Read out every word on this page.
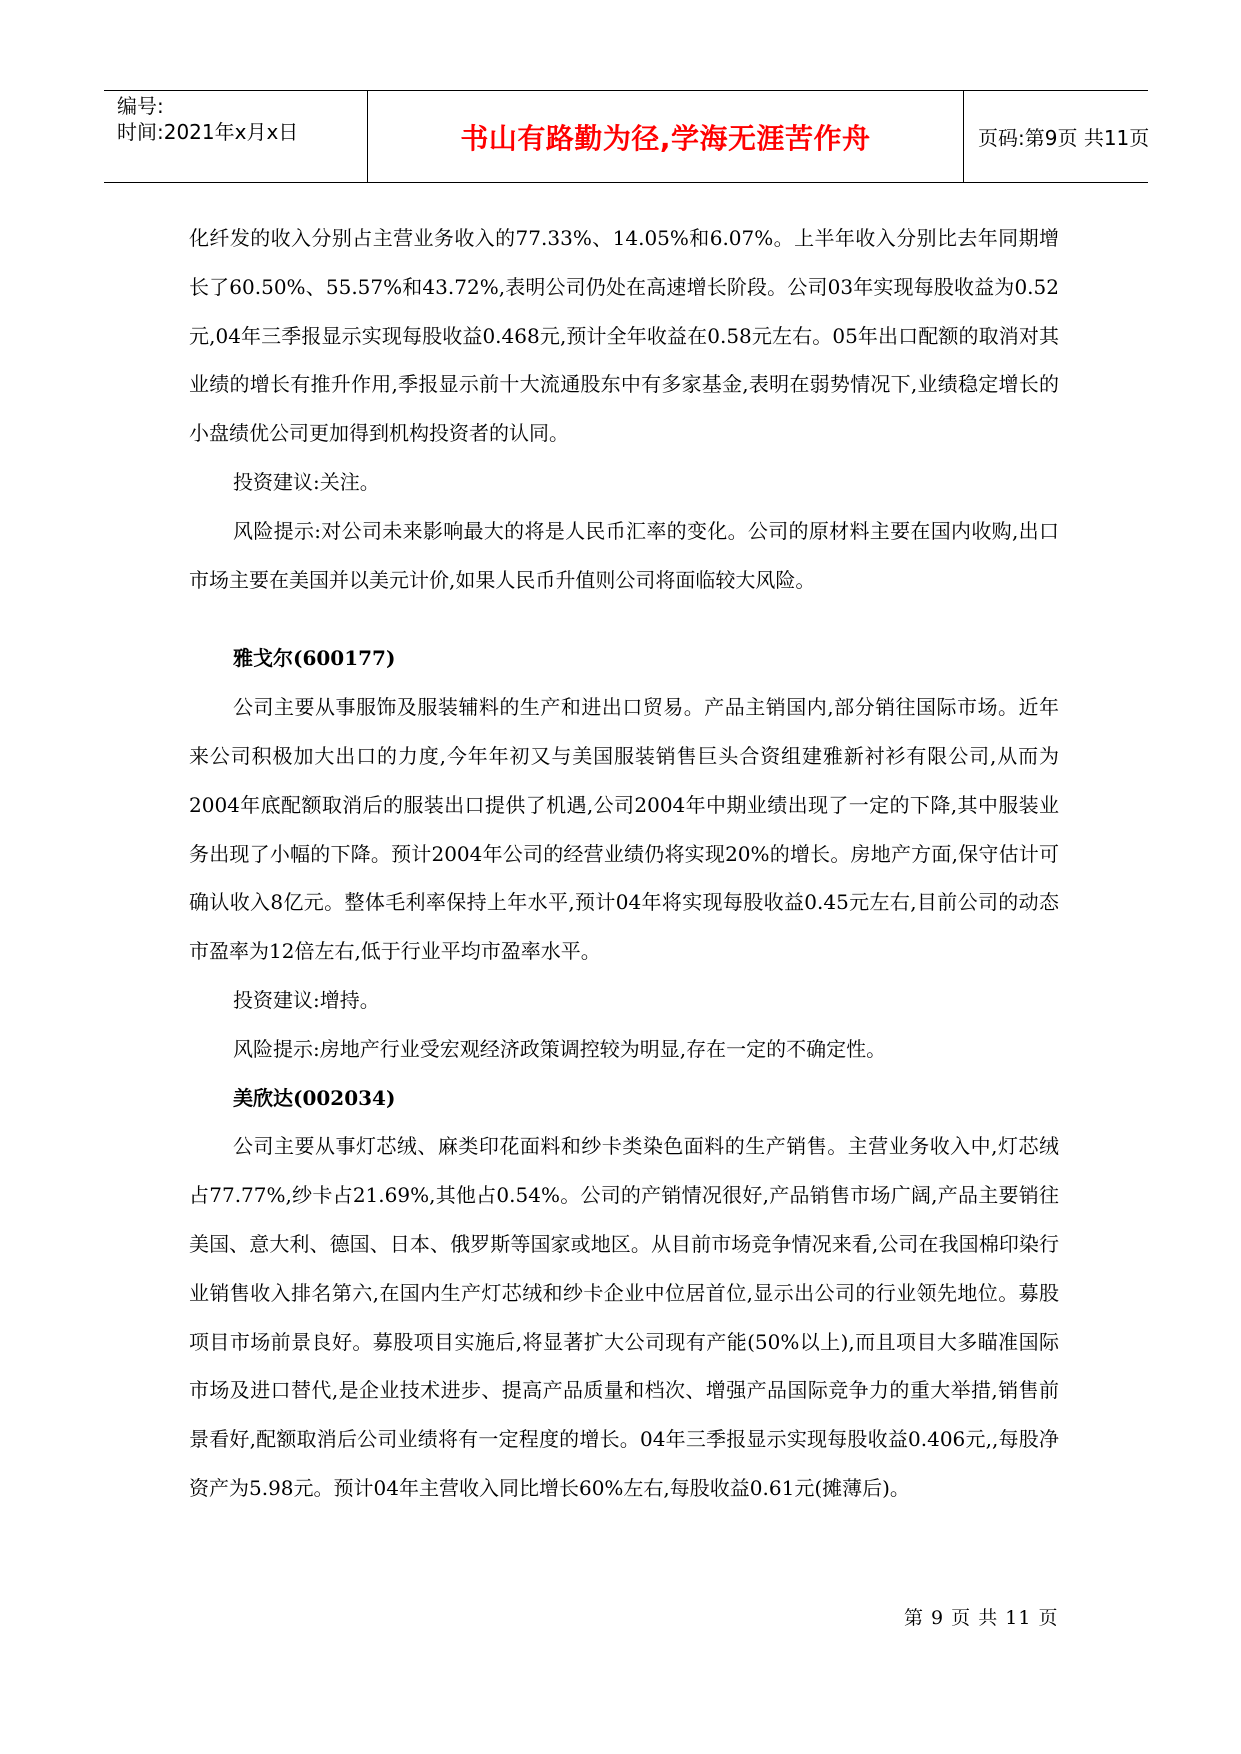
编号:
时间:2021年x月x日	书山有路勤为径,学海无涯苦作舟	页码:第9页 共11页

化纤发的收入分别占主营业务收入的77.33%、14.05%和6.07%。上半年收入分别比去年同期增长了60.50%、55.57%和43.72%,表明公司仍处在高速增长阶段。公司03年实现每股收益为0.52元,04年三季报显示实现每股收益0.468元,预计全年收益在0.58元左右。05年出口配额的取消对其业绩的增长有推升作用,季报显示前十大流通股东中有多家基金,表明在弱势情况下,业绩稳定增长的小盘绩优公司更加得到机构投资者的认同。

投资建议:关注。

风险提示:对公司未来影响最大的将是人民币汇率的变化。公司的原材料主要在国内收购,出口市场主要在美国并以美元计价,如果人民币升值则公司将面临较大风险。

雅戈尔(600177)

公司主要从事服饰及服装辅料的生产和进出口贸易。产品主销国内,部分销往国际市场。近年来公司积极加大出口的力度,今年年初又与美国服装销售巨头合资组建雅新衬衫有限公司,从而为2004年底配额取消后的服装出口提供了机遇,公司2004年中期业绩出现了一定的下降,其中服装业务出现了小幅的下降。预计2004年公司的经营业绩仍将实现20%的增长。房地产方面,保守估计可确认收入8亿元。整体毛利率保持上年水平,预计04年将实现每股收益0.45元左右,目前公司的动态市盈率为12倍左右,低于行业平均市盈率水平。

投资建议:增持。

风险提示:房地产行业受宏观经济政策调控较为明显,存在一定的不确定性。

美欣达(002034)

公司主要从事灯芯绒、麻类印花面料和纱卡类染色面料的生产销售。主营业务收入中,灯芯绒占77.77%,纱卡占21.69%,其他占0.54%。公司的产销情况很好,产品销售市场广阔,产品主要销往美国、意大利、德国、日本、俄罗斯等国家或地区。从目前市场竞争情况来看,公司在我国棉印染行业销售收入排名第六,在国内生产灯芯绒和纱卡企业中位居首位,显示出公司的行业领先地位。募股项目市场前景良好。募股项目实施后,将显著扩大公司现有产能(50%以上),而且项目大多瞄准国际市场及进口替代,是企业技术进步、提高产品质量和档次、增强产品国际竞争力的重大举措,销售前景看好,配额取消后公司业绩将有一定程度的增长。04年三季报显示实现每股收益0.406元,,每股净资产为5.98元。预计04年主营收入同比增长60%左右,每股收益0.61元(摊薄后)。

第 9 页 共 11 页
